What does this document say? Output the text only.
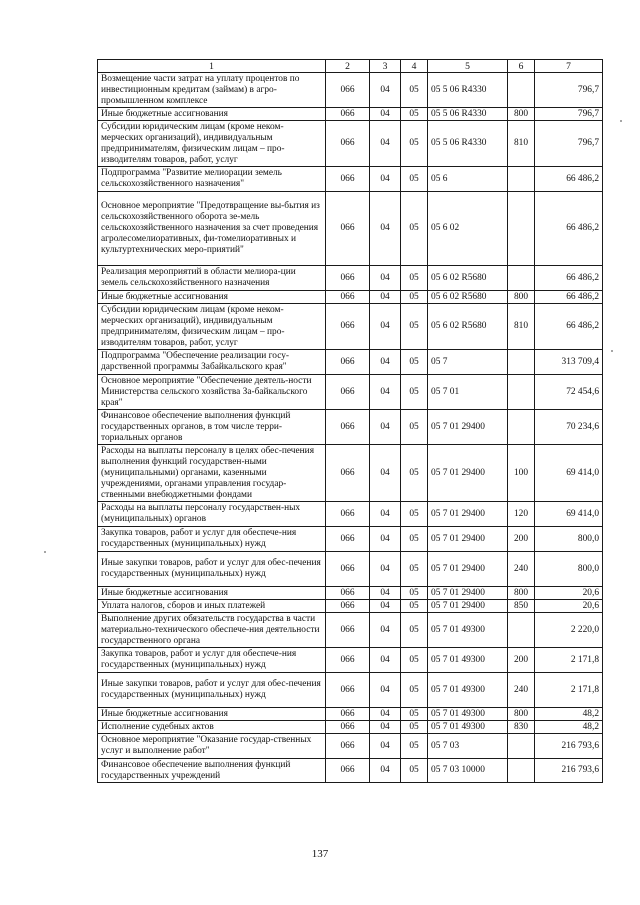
1	2	3	4	5	6	7
Возмещение части затрат на уплату процентов по инвестиционным кредитам (займам) в агро-промышленном комплексе	066	04	05	05 5 06 R4330		796,7
Иные бюджетные ассигнования	066	04	05	05 5 06 R4330	800	796,7
Субсидии юридическим лицам (кроме неком-мерческих организаций), индивидуальным предпринимателям, физическим лицам – про-изводителям товаров, работ, услуг	066	04	05	05 5 06 R4330	810	796,7
Подпрограмма "Развитие мелиорации земель сельскохозяйственного назначения"	066	04	05	05 6		66 486,2
Основное мероприятие "Предотвращение вы-бытия из сельскохозяйственного оборота зе-мель сельскохозяйственного назначения за счет проведения агролесомелиоративных, фи-томелиоративных и культуртехнических меро-приятий"	066	04	05	05 6 02		66 486,2
Реализация мероприятий в области мелиора-ции земель сельскохозяйственного назначения	066	04	05	05 6 02 R5680		66 486,2
Иные бюджетные ассигнования	066	04	05	05 6 02 R5680	800	66 486,2
Субсидии юридическим лицам (кроме неком-мерческих организаций), индивидуальным предпринимателям, физическим лицам – про-изводителям товаров, работ, услуг	066	04	05	05 6 02 R5680	810	66 486,2
Подпрограмма "Обеспечение реализации госу-дарственной программы Забайкальского края"	066	04	05	05 7		313 709,4
Основное мероприятие "Обеспечение деятель-ности Министерства сельского хозяйства За-байкальского края"	066	04	05	05 7 01		72 454,6
Финансовое обеспечение выполнения функций государственных органов, в том числе терри-ториальных органов	066	04	05	05 7 01 29400		70 234,6
Расходы на выплаты персоналу в целях обес-печения выполнения функций государствен-ными (муниципальными) органами, казенными учреждениями, органами управления государ-ственными внебюджетными фондами	066	04	05	05 7 01 29400	100	69 414,0
Расходы на выплаты персоналу государствен-ных (муниципальных) органов	066	04	05	05 7 01 29400	120	69 414,0
Закупка товаров, работ и услуг для обеспече-ния государственных (муниципальных) нужд	066	04	05	05 7 01 29400	200	800,0
Иные закупки товаров, работ и услуг для обес-печения государственных (муниципальных) нужд	066	04	05	05 7 01 29400	240	800,0
Иные бюджетные ассигнования	066	04	05	05 7 01 29400	800	20,6
Уплата налогов, сборов и иных платежей	066	04	05	05 7 01 29400	850	20,6
Выполнение других обязательств государства в части материально-технического обеспече-ния деятельности государственного органа	066	04	05	05 7 01 49300		2 220,0
Закупка товаров, работ и услуг для обеспече-ния государственных (муниципальных) нужд	066	04	05	05 7 01 49300	200	2 171,8
Иные закупки товаров, работ и услуг для обес-печения государственных (муниципальных) нужд	066	04	05	05 7 01 49300	240	2 171,8
Иные бюджетные ассигнования	066	04	05	05 7 01 49300	800	48,2
Исполнение судебных актов	066	04	05	05 7 01 49300	830	48,2
Основное мероприятие "Оказание государ-ственных услуг и выполнение работ"	066	04	05	05 7 03		216 793,6
Финансовое обеспечение выполнения функций государственных учреждений	066	04	05	05 7 03 10000		216 793,6
137
